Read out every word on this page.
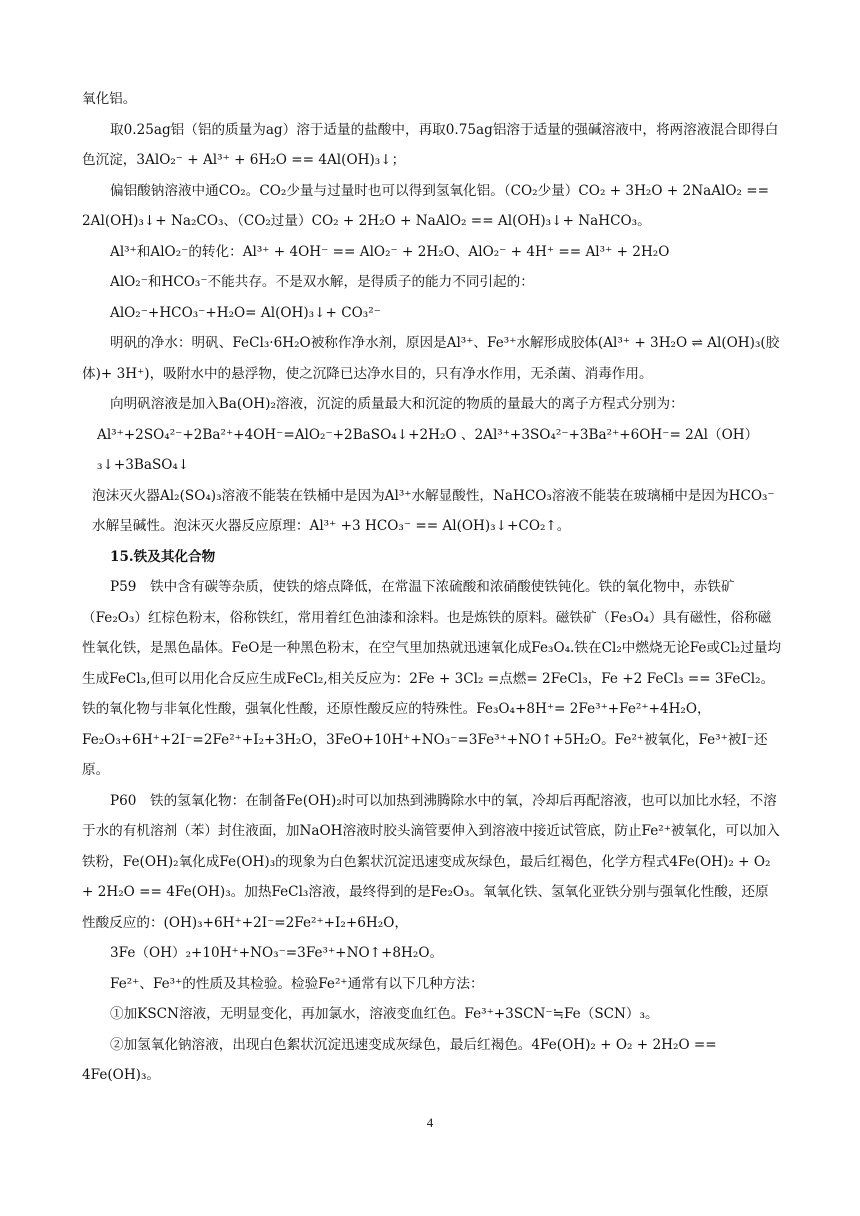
氧化铝。

取0.25ag铝（铝的质量为ag）溶于适量的盐酸中，再取0.75ag铝溶于适量的强碱溶液中，将两溶液混合即得白色沉淀，3AlO₂⁻ + Al³⁺ + 6H₂O == 4Al(OH)₃↓；

偏铝酸钠溶液中通CO₂。CO₂少量与过量时也可以得到氢氧化铝。（CO₂少量）CO₂ + 3H₂O + 2NaAlO₂ == 2Al(OH)₃↓+ Na₂CO₃、（CO₂过量）CO₂ + 2H₂O + NaAlO₂ == Al(OH)₃↓+ NaHCO₃。

Al³⁺和AlO₂⁻的转化：Al³⁺ + 4OH⁻ == AlO₂⁻ + 2H₂O、AlO₂⁻ + 4H⁺ == Al³⁺ + 2H₂O

AlO₂⁻和HCO₃⁻不能共存。不是双水解，是得质子的能力不同引起的：

AlO₂⁻+HCO₃⁻+H₂O= Al(OH)₃↓+ CO₃²⁻

明矾的净水：明矾、FeCl₃·6H₂O被称作净水剂，原因是Al³⁺、Fe³⁺水解形成胶体(Al³⁺ + 3H₂O ⇌ Al(OH)₃(胶体)+ 3H⁺)，吸附水中的悬浮物，使之沉降已达净水目的，只有净水作用，无杀菌、消毒作用。

向明矾溶液是加入Ba(OH)₂溶液，沉淀的质量最大和沉淀的物质的量最大的离子方程式分别为：

Al³⁺+2SO₄²⁻+2Ba²⁺+4OH⁻=AlO₂⁻+2BaSO₄↓+2H₂O 、2Al³⁺+3SO₄²⁻+3Ba²⁺+6OH⁻= 2Al（OH）₃↓+3BaSO₄↓

泡沫灭火器Al₂(SO₄)₃溶液不能装在铁桶中是因为Al³⁺水解显酸性，NaHCO₃溶液不能装在玻璃桶中是因为HCO₃⁻水解呈碱性。泡沫灭火器反应原理：Al³⁺ +3 HCO₃⁻ == Al(OH)₃↓+CO₂↑。

15.铁及其化合物

P59　铁中含有碳等杂质，使铁的熔点降低，在常温下浓硫酸和浓硝酸使铁钝化。铁的氧化物中，赤铁矿（Fe₂O₃）红棕色粉末，俗称铁红，常用着红色油漆和涂料。也是炼铁的原料。磁铁矿（Fe₃O₄）具有磁性，俗称磁性氧化铁，是黑色晶体。FeO是一种黑色粉末，在空气里加热就迅速氧化成Fe₃O₄.铁在Cl₂中燃烧无论Fe或Cl₂过量均生成FeCl₃,但可以用化合反应生成FeCl₂,相关反应为：2Fe + 3Cl₂ =点燃= 2FeCl₃，Fe +2 FeCl₃ == 3FeCl₂。铁的氧化物与非氧化性酸，强氧化性酸，还原性酸反应的特殊性。Fe₃O₄+8H⁺= 2Fe³⁺+Fe²⁺+4H₂O，Fe₂O₃+6H⁺+2I⁻=2Fe²⁺+I₂+3H₂O，3FeO+10H⁺+NO₃⁻=3Fe³⁺+NO↑+5H₂O。Fe²⁺被氧化，Fe³⁺被I⁻还原。

P60　铁的氢氧化物：在制备Fe(OH)₂时可以加热到沸腾除水中的氧，冷却后再配溶液，也可以加比水轻，不溶于水的有机溶剂（苯）封住液面，加NaOH溶液时胶头滴管要伸入到溶液中接近试管底，防止Fe²⁺被氧化，可以加入铁粉，Fe(OH)₂氧化成Fe(OH)₃的现象为白色絮状沉淀迅速变成灰绿色，最后红褐色，化学方程式4Fe(OH)₂ + O₂ + 2H₂O == 4Fe(OH)₃。加热FeCl₃溶液，最终得到的是Fe₂O₃。氧氧化铁、氢氧化亚铁分别与强氧化性酸，还原性酸反应的：(OH)₃+6H⁺+2I⁻=2Fe²⁺+I₂+6H₂O，

3Fe（OH）₂+10H⁺+NO₃⁻=3Fe³⁺+NO↑+8H₂O。

Fe²⁺、Fe³⁺的性质及其检验。检验Fe²⁺通常有以下几种方法：

①加KSCN溶液，无明显变化，再加氯水，溶液变血红色。Fe³⁺+3SCN⁻≒Fe（SCN）₃。

②加氢氧化钠溶液，出现白色絮状沉淀迅速变成灰绿色，最后红褐色。4Fe(OH)₂ + O₂ + 2H₂O == 4Fe(OH)₃。

4
